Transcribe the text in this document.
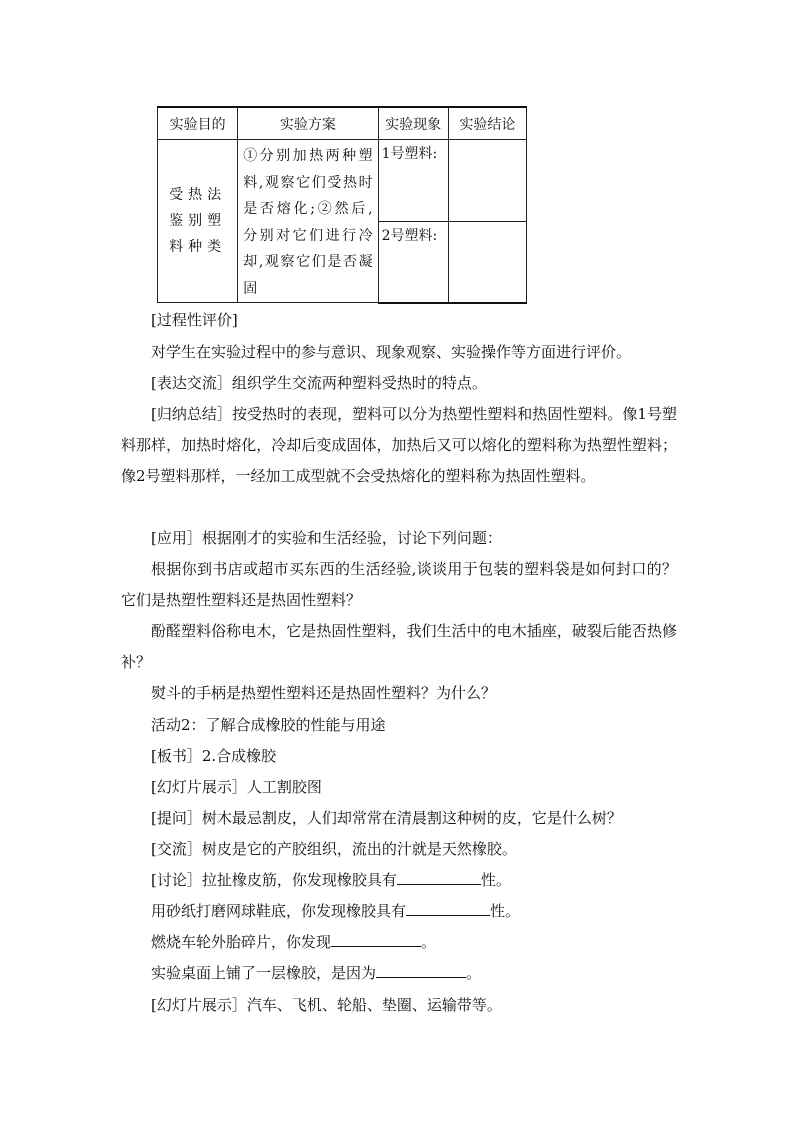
实验目的	实验方案	实验现象	实验结论
受热法鉴别塑料种类	①分别加热两种塑料,观察它们受热时是否熔化;②然后,分别对它们进行冷却,观察它们是否凝固	1号塑料:	
		2号塑料:	

[过程性评价]

对学生在实验过程中的参与意识、现象观察、实验操作等方面进行评价。

[表达交流］组织学生交流两种塑料受热时的特点。

[归纳总结］按受热时的表现，塑料可以分为热塑性塑料和热固性塑料。像1号塑料那样，加热时熔化，冷却后变成固体，加热后又可以熔化的塑料称为热塑性塑料；像2号塑料那样，一经加工成型就不会受热熔化的塑料称为热固性塑料。

[应用］根据刚才的实验和生活经验，讨论下列问题：

根据你到书店或超市买东西的生活经验,谈谈用于包装的塑料袋是如何封口的？它们是热塑性塑料还是热固性塑料？

酚醛塑料俗称电木，它是热固性塑料，我们生活中的电木插座，破裂后能否热修补？

熨斗的手柄是热塑性塑料还是热固性塑料？为什么？

活动2：了解合成橡胶的性能与用途

[板书］2.合成橡胶

[幻灯片展示］人工割胶图

[提问］树木最忌割皮，人们却常常在清晨割这种树的皮，它是什么树？

[交流］树皮是它的产胶组织，流出的汁就是天然橡胶。

[讨论］拉扯橡皮筋，你发现橡胶具有	性。

用砂纸打磨网球鞋底，你发现橡胶具有	性。

燃烧车轮外胎碎片，你发现	。

实验桌面上铺了一层橡胶，是因为	。

[幻灯片展示］汽车、飞机、轮船、垫圈、运输带等。
